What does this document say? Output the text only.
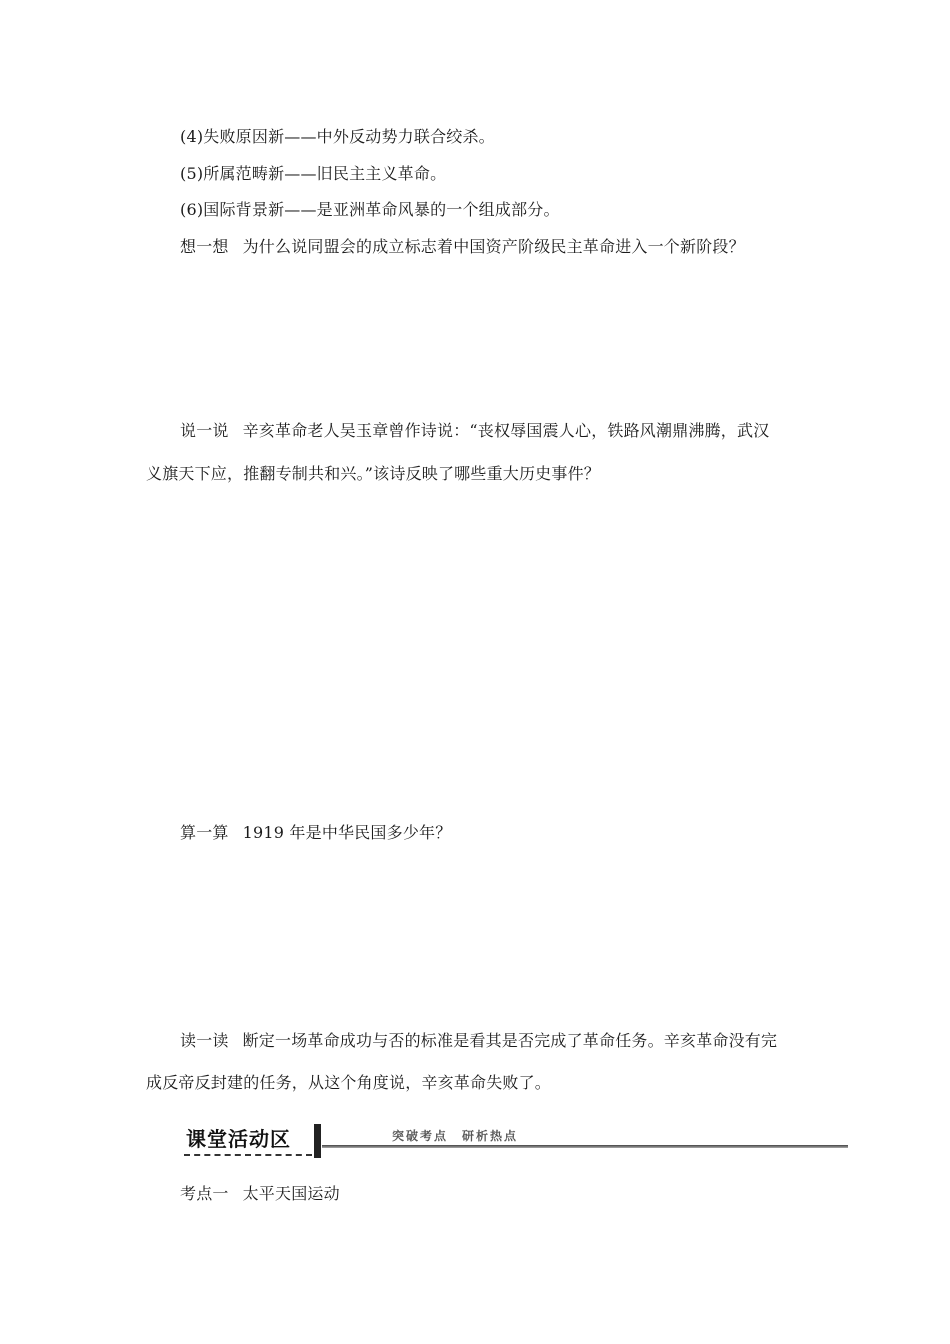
(4)失败原因新——中外反动势力联合绞杀。
(5)所属范畴新——旧民主主义革命。
(6)国际背景新——是亚洲革命风暴的一个组成部分。
想一想 为什么说同盟会的成立标志着中国资产阶级民主革命进入一个新阶段？
说一说 辛亥革命老人吴玉章曾作诗说：“丧权辱国震人心，铁路风潮鼎沸腾，武汉
义旗天下应，推翻专制共和兴。”该诗反映了哪些重大历史事件？
算一算 1919 年是中华民国多少年？
读一读 断定一场革命成功与否的标准是看其是否完成了革命任务。辛亥革命没有完
成反帝反封建的任务，从这个角度说，辛亥革命失败了。
课堂活动区	突破考点　研析热点
考点一 太平天国运动
